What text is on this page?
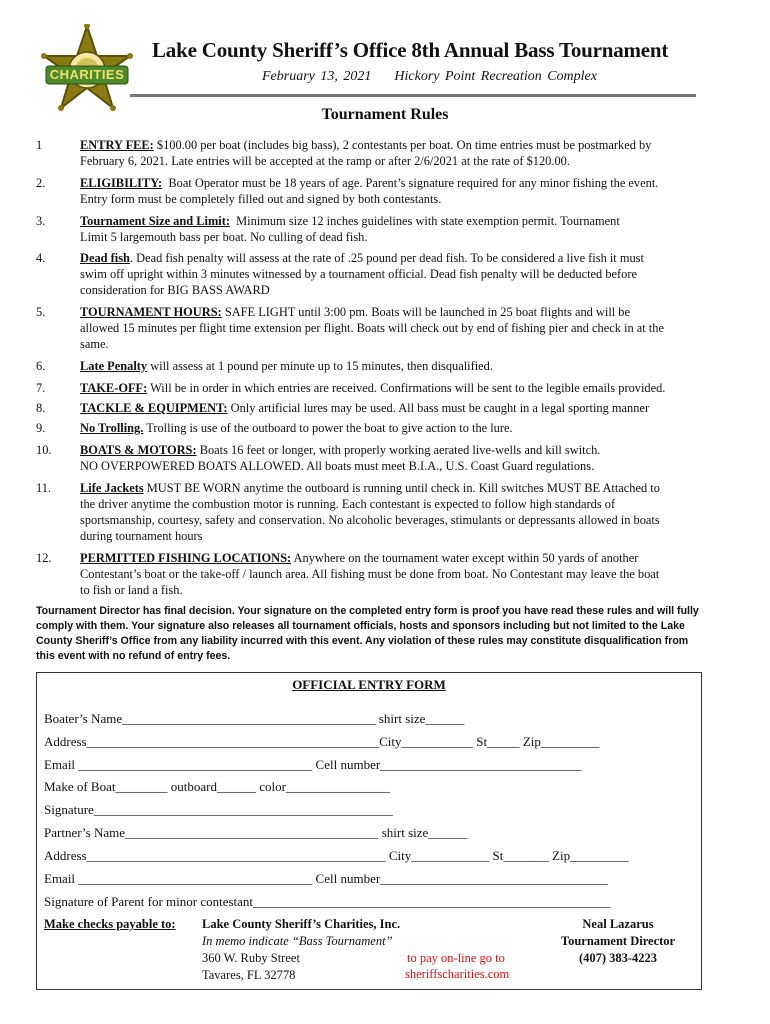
CHARITIES
Lake County Sheriff’s Office 8th Annual Bass Tournament
February 13, 2021 Hickory Point Recreation Complex
Tournament Rules
1	ENTRY FEE: $100.00 per boat (includes big bass), 2 contestants per boat. On time entries must be postmarked by
February 6, 2021. Late entries will be accepted at the ramp or after 2/6/2021 at the rate of $120.00.
2.	ELIGIBILITY:  Boat Operator must be 18 years of age. Parent’s signature required for any minor fishing the event.
Entry form must be completely filled out and signed by both contestants.
3.	Tournament Size and Limit:  Minimum size 12 inches guidelines with state exemption permit. Tournament
Limit 5 largemouth bass per boat. No culling of dead fish.
4.	Dead fish. Dead fish penalty will assess at the rate of .25 pound per dead fish. To be considered a live fish it must
swim off upright within 3 minutes witnessed by a tournament official. Dead fish penalty will be deducted before
consideration for BIG BASS AWARD
5.	TOURNAMENT HOURS: SAFE LIGHT until 3:00 pm. Boats will be launched in 25 boat flights and will be
allowed 15 minutes per flight time extension per flight. Boats will check out by end of fishing pier and check in at the
same.
6.	Late Penalty will assess at 1 pound per minute up to 15 minutes, then disqualified.
7.	TAKE-OFF: Will be in order in which entries are received. Confirmations will be sent to the legible emails provided.
8.	TACKLE & EQUIPMENT: Only artificial lures may be used. All bass must be caught in a legal sporting manner
9.	No Trolling. Trolling is use of the outboard to power the boat to give action to the lure.
10. BOATS & MOTORS: Boats 16 feet or longer, with properly working aerated live-wells and kill switch.
NO OVERPOWERED BOATS ALLOWED. All boats must meet B.I.A., U.S. Coast Guard regulations.
11. Life Jackets MUST BE WORN anytime the outboard is running until check in. Kill switches MUST BE Attached to
the driver anytime the combustion motor is running. Each contestant is expected to follow high standards of
sportsmanship, courtesy, safety and conservation. No alcoholic beverages, stimulants or depressants allowed in boats
during tournament hours
12. PERMITTED FISHING LOCATIONS: Anywhere on the tournament water except within 50 yards of another
Contestant’s boat or the take-off / launch area. All fishing must be done from boat. No Contestant may leave the boat
to fish or land a fish.
Tournament Director has final decision. Your signature on the completed entry form is proof you have read these rules and will fully comply with them. Your signature also releases all tournament officials, hosts and sponsors including but not limited to the Lake County Sheriff’s Office from any liability incurred with this event. Any violation of these rules may constitute disqualification from this event with no refund of entry fees.
OFFICIAL ENTRY FORM
Boater’s Name_______________________________________ shirt size______
Address_____________________________________________City___________ St_____ Zip_________
Email ____________________________________ Cell number_______________________________
Make of Boat________ outboard______ color________________
Signature______________________________________________
Partner’s Name_______________________________________ shirt size______
Address______________________________________________ City____________ St_______ Zip_________
Email ____________________________________ Cell number___________________________________
Signature of Parent for minor contestant_______________________________________________________
Make checks payable to: Lake County Sheriff’s Charities, Inc.
In memo indicate “Bass Tournament”
360 W. Ruby Street
Tavares, FL 32778
to pay on-line go to
sheriffscharities.com
Neal Lazarus
Tournament Director
(407) 383-4223
